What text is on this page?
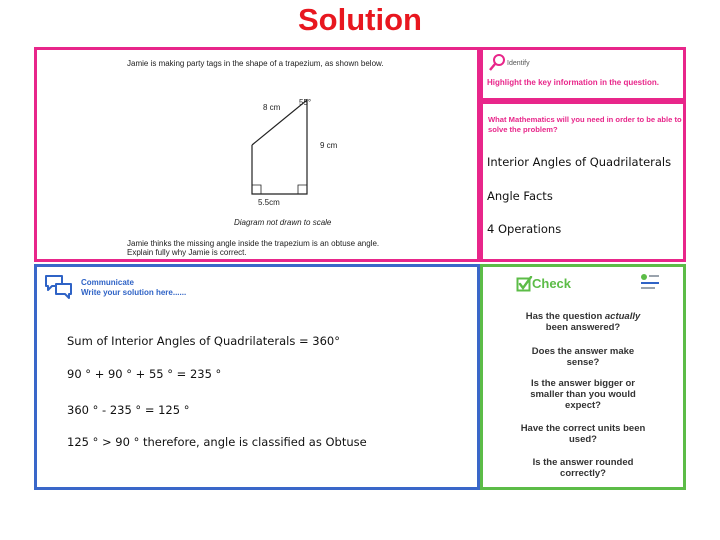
Solution
Jamie is making party tags in the shape of a trapezium, as shown below.
8 cm
55°
9 cm
5.5cm
Diagram not drawn to scale
Jamie thinks the missing angle inside the trapezium is an obtuse angle.
Explain fully why Jamie is correct.
Identify
Highlight the key information in the question.
What Mathematics will you need in order to be able to
solve the problem?
Interior Angles of Quadrilaterals
Angle Facts
4 Operations
Communicate
Write your solution here......
Sum of Interior Angles of Quadrilaterals = 360°
90 ° + 90 ° + 55 ° = 235 °
360 ° - 235 ° = 125 °
125 ° > 90 ° therefore, angle is classified as Obtuse
Check
Has the question actually
been answered?
Does the answer make
sense?
Is the answer bigger or
smaller than you would
expect?
Have the correct units been
used?
Is the answer rounded
correctly?
